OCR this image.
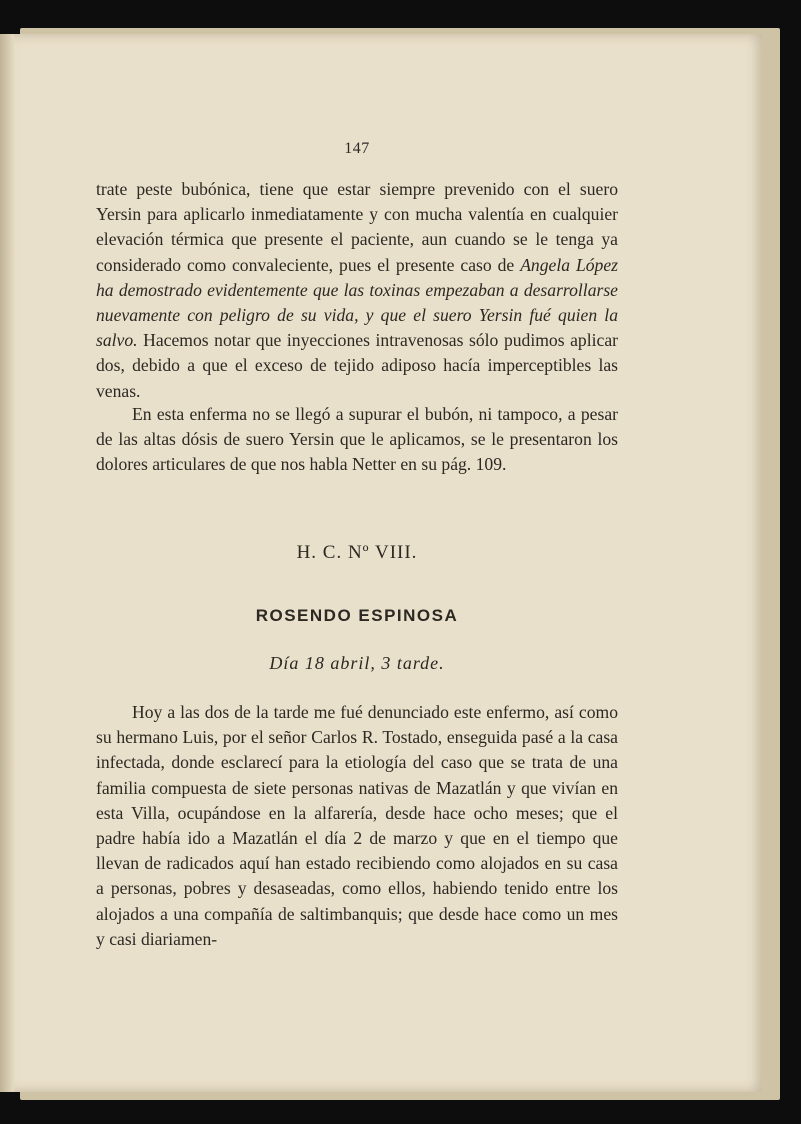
147

trate peste bubónica, tiene que estar siempre prevenido con el suero Yersin para aplicarlo inmediatamente y con mucha valentía en cualquier elevación térmica que presente el paciente, aun cuando se le tenga ya considerado como convaleciente, pues el presente caso de Angela López ha demostrado evidentemente que las toxinas empezaban a desarrollarse nuevamente con peligro de su vida, y que el suero Yersin fué quien la salvo. Hacemos notar que inyecciones intravenosas sólo pudimos aplicar dos, debido a que el exceso de tejido adiposo hacía imperceptibles las venas.

En esta enferma no se llegó a supurar el bubón, ni tampoco, a pesar de las altas dósis de suero Yersin que le aplicamos, se le presentaron los dolores articulares de que nos habla Netter en su pág. 109.

H. C. Nº VIII.
ROSENDO ESPINOSA
Día 18 abril, 3 tarde.

Hoy a las dos de la tarde me fué denunciado este enfermo, así como su hermano Luis, por el señor Carlos R. Tostado, enseguida pasé a la casa infectada, donde esclarecí para la etiología del caso que se trata de una familia compuesta de siete personas nativas de Mazatlán y que vivían en esta Villa, ocupándose en la alfarería, desde hace ocho meses; que el padre había ido a Mazatlán el día 2 de marzo y que en el tiempo que llevan de radicados aquí han estado recibiendo como alojados en su casa a personas, pobres y desaseadas, como ellos, habiendo tenido entre los alojados a una compañía de saltimbanquis; que desde hace como un mes y casi diariamen-
